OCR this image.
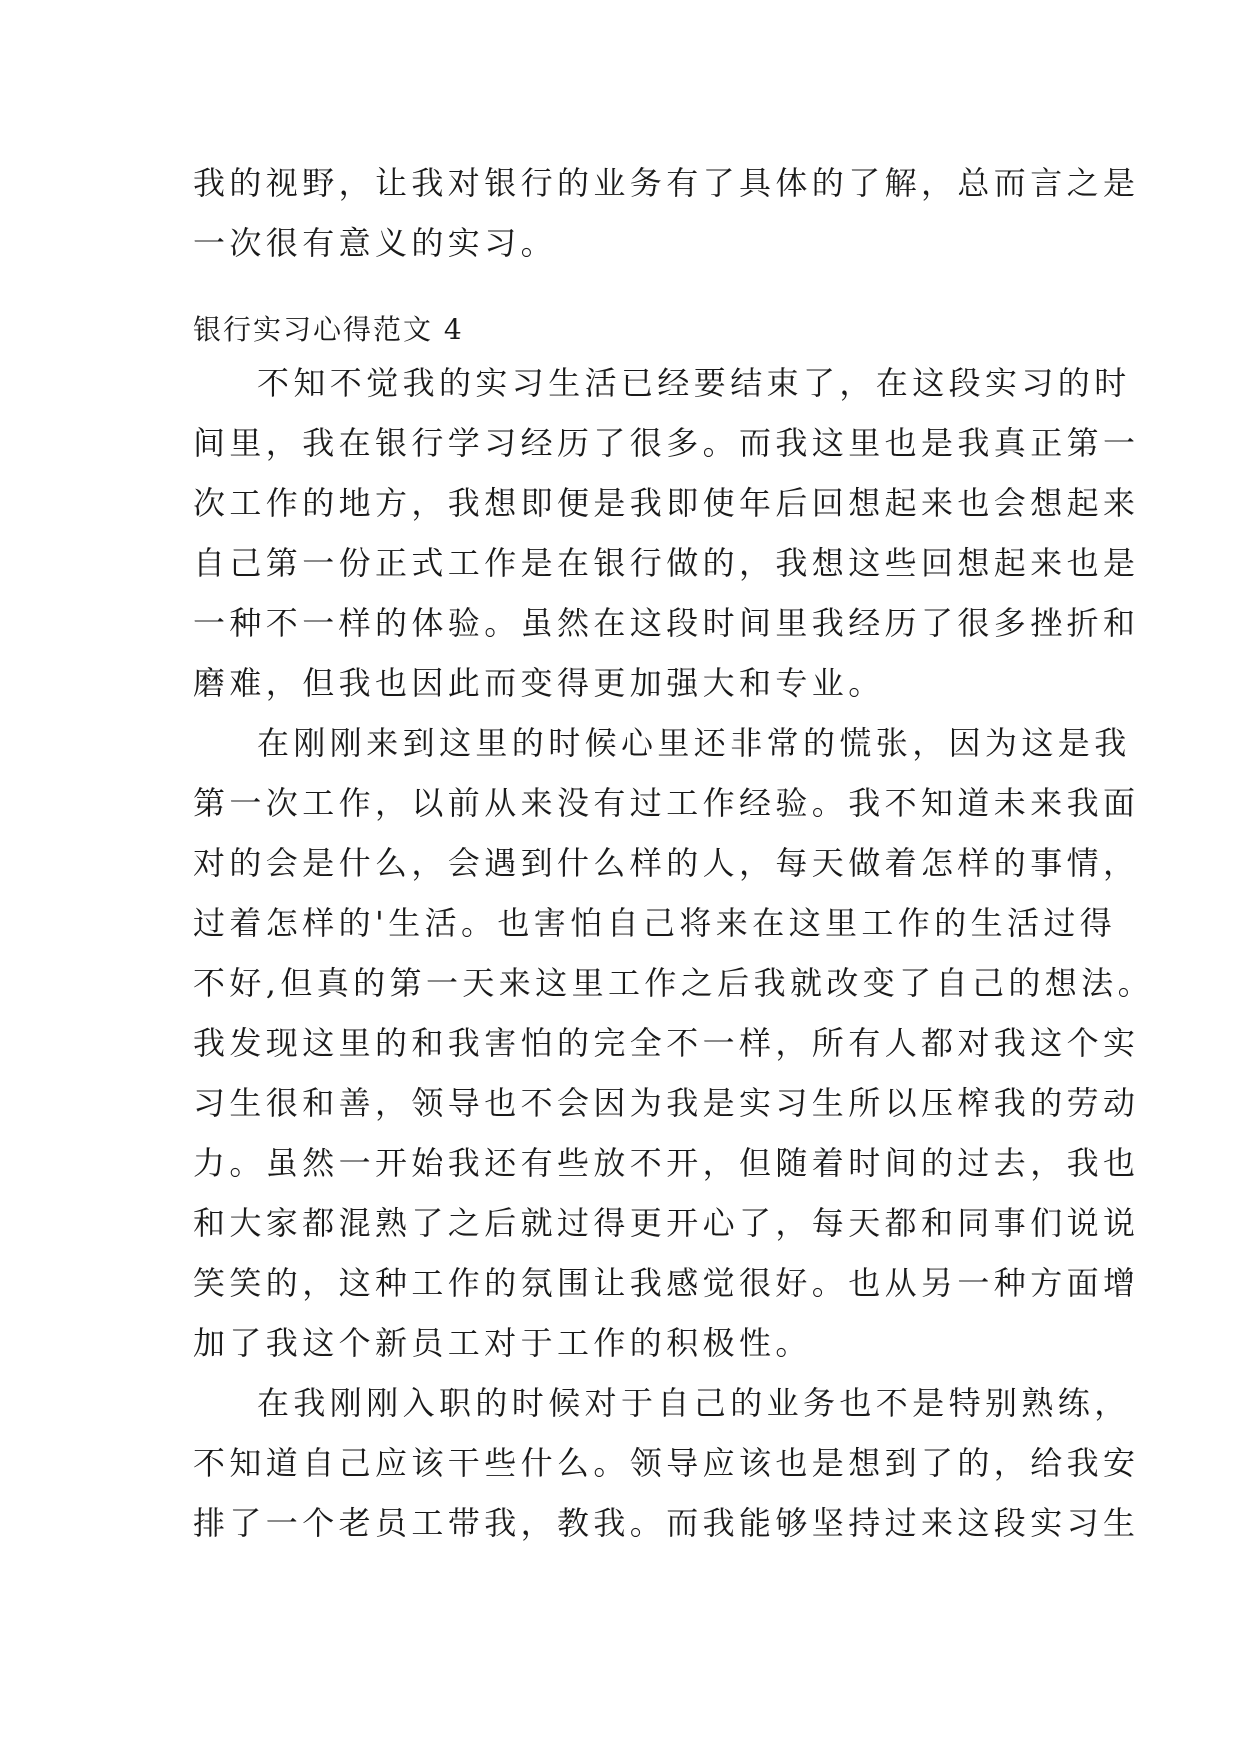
我的视野，让我对银行的业务有了具体的了解，总而言之是
一次很有意义的实习。
银行实习心得范文 4
不知不觉我的实习生活已经要结束了，在这段实习的时
间里，我在银行学习经历了很多。而我这里也是我真正第一
次工作的地方，我想即便是我即使年后回想起来也会想起来
自己第一份正式工作是在银行做的，我想这些回想起来也是
一种不一样的体验。虽然在这段时间里我经历了很多挫折和
磨难，但我也因此而变得更加强大和专业。
在刚刚来到这里的时候心里还非常的慌张，因为这是我
第一次工作，以前从来没有过工作经验。我不知道未来我面
对的会是什么，会遇到什么样的人，每天做着怎样的事情，
过着怎样的'生活。也害怕自己将来在这里工作的生活过得
不好,但真的第一天来这里工作之后我就改变了自己的想法。
我发现这里的和我害怕的完全不一样，所有人都对我这个实
习生很和善，领导也不会因为我是实习生所以压榨我的劳动
力。虽然一开始我还有些放不开，但随着时间的过去，我也
和大家都混熟了之后就过得更开心了，每天都和同事们说说
笑笑的，这种工作的氛围让我感觉很好。也从另一种方面增
加了我这个新员工对于工作的积极性。
在我刚刚入职的时候对于自己的业务也不是特别熟练，
不知道自己应该干些什么。领导应该也是想到了的，给我安
排了一个老员工带我，教我。而我能够坚持过来这段实习生
